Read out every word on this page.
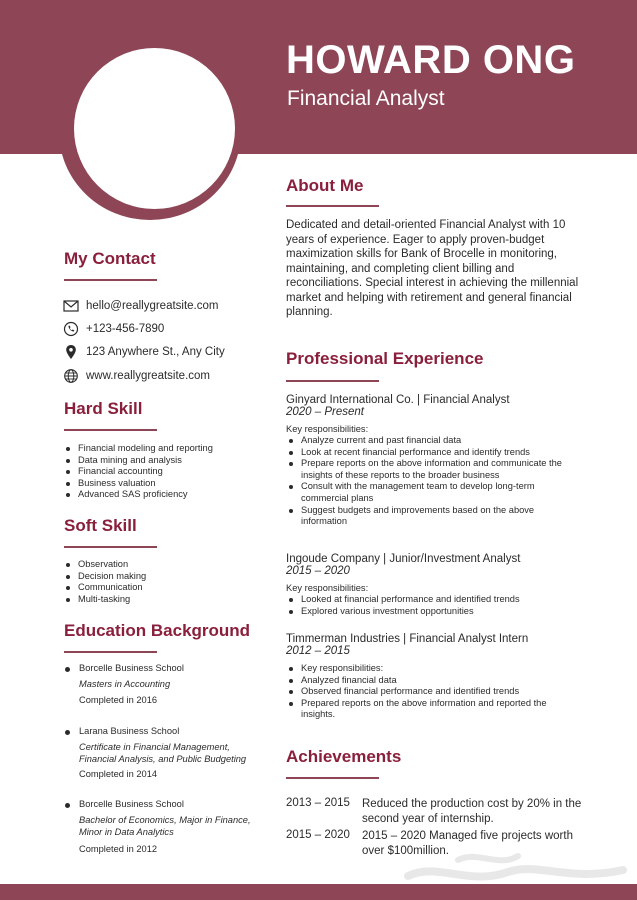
HOWARD ONG
Financial Analyst
My Contact
hello@reallygreatsite.com
+123-456-7890
123 Anywhere St., Any City
www.reallygreatsite.com
Hard Skill
Financial modeling and reporting
Data mining and analysis
Financial accounting
Business valuation
Advanced SAS proficiency
Soft Skill
Observation
Decision making
Communication
Multi-tasking
Education Background
Borcelle Business School
Masters in Accounting
Completed in 2016
Larana Business School
Certificate in Financial Management, Financial Analysis, and Public Budgeting
Completed in 2014
Borcelle Business School
Bachelor of Economics, Major in Finance, Minor in Data Analytics
Completed in 2012
About Me
Dedicated and detail-oriented Financial Analyst with 10 years of experience. Eager to apply proven-budget maximization skills for Bank of Brocelle in monitoring, maintaining, and completing client billing and reconciliations. Special interest in achieving the millennial market and helping with retirement and general financial planning.
Professional Experience
Ginyard International Co. | Financial Analyst
2020 – Present
Key responsibilities:
Analyze current and past financial data
Look at recent financial performance and identify trends
Prepare reports on the above information and communicate the insights of these reports to the broader business
Consult with the management team to develop long-term commercial plans
Suggest budgets and improvements based on the above information
Ingoude Company | Junior/Investment Analyst
2015 – 2020
Key responsibilities:
Looked at financial performance and identified trends
Explored various investment opportunities
Timmerman Industries | Financial Analyst Intern
2012 – 2015
Key responsibilities:
Analyzed financial data
Observed financial performance and identified trends
Prepared reports on the above information and reported the insights.
Achievements
2013 – 2015 Reduced the production cost by 20% in the second year of internship.
2015 – 2020 2015 – 2020 Managed five projects worth over $100million.
